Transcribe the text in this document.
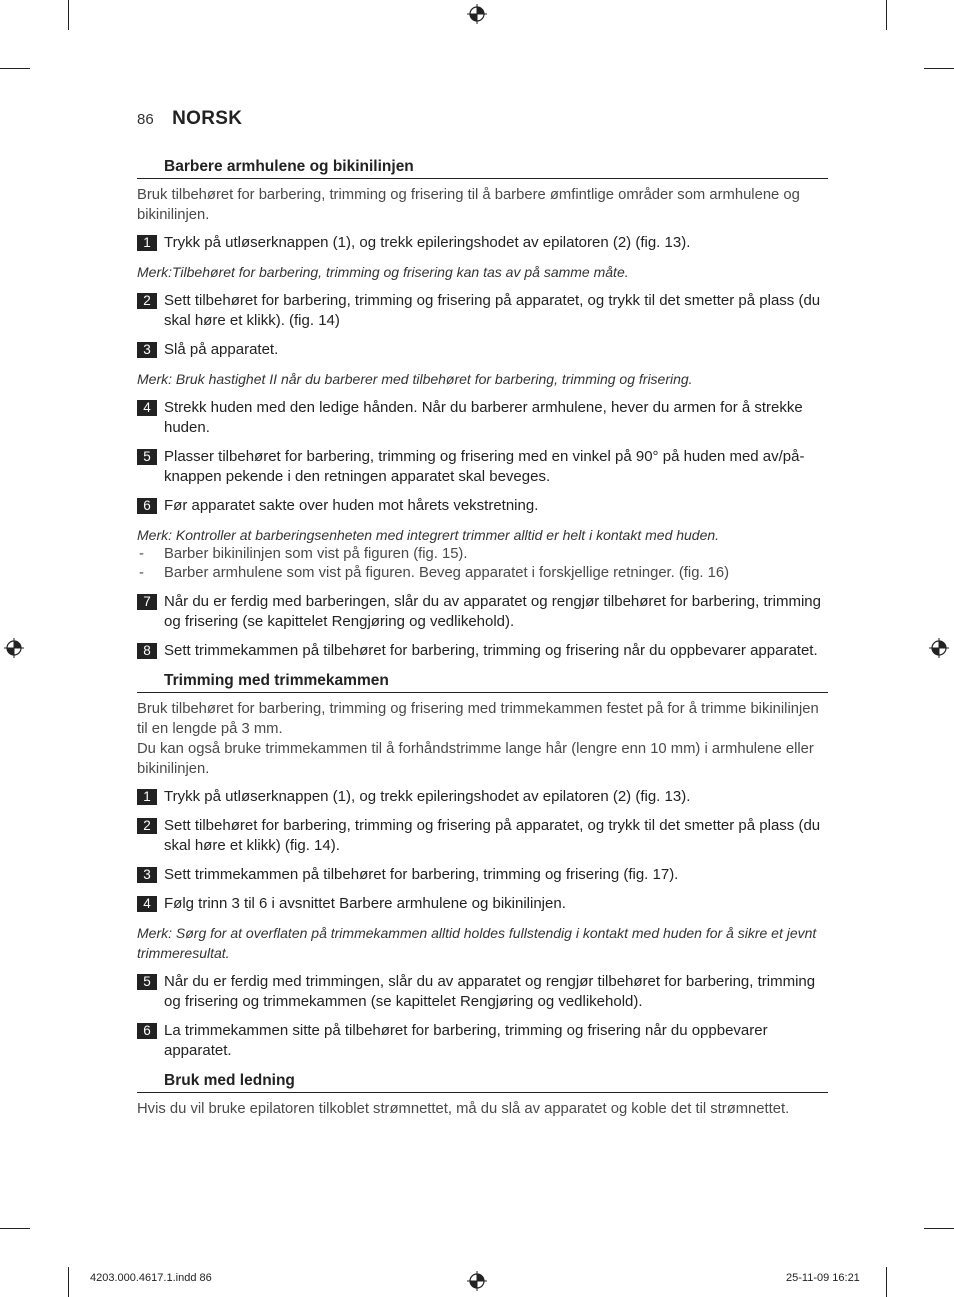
86 NORSK
Barbere armhulene og bikinilinjen
Bruk tilbehøret for barbering, trimming og frisering til å barbere ømfintlige områder som armhulene og bikinilinjen.
1 Trykk på utløserknappen (1), og trekk epileringshodet av epilatoren (2) (fig. 13).
Merk:Tilbehøret for barbering, trimming og frisering kan tas av på samme måte.
2 Sett tilbehøret for barbering, trimming og frisering på apparatet, og trykk til det smetter på plass (du skal høre et klikk). (fig. 14)
3 Slå på apparatet.
Merk: Bruk hastighet II når du barberer med tilbehøret for barbering, trimming og frisering.
4 Strekk huden med den ledige hånden. Når du barberer armhulene, hever du armen for å strekke huden.
5 Plasser tilbehøret for barbering, trimming og frisering med en vinkel på 90° på huden med av/på-knappen pekende i den retningen apparatet skal beveges.
6 Før apparatet sakte over huden mot hårets vekstretning.
Merk: Kontroller at barberingsenheten med integrert trimmer alltid er helt i kontakt med huden.
- Barber bikinilinjen som vist på figuren (fig. 15).
- Barber armhulene som vist på figuren. Beveg apparatet i forskjellige retninger. (fig. 16)
7 Når du er ferdig med barberingen, slår du av apparatet og rengjør tilbehøret for barbering, trimming og frisering (se kapittelet Rengjøring og vedlikehold).
8 Sett trimmekammen på tilbehøret for barbering, trimming og frisering når du oppbevarer apparatet.
Trimming med trimmekammen
Bruk tilbehøret for barbering, trimming og frisering med trimmekammen festet på for å trimme bikinilinjen til en lengde på 3 mm.
Du kan også bruke trimmekammen til å forhåndstrimme lange hår (lengre enn 10 mm) i armhulene eller bikinilinjen.
1 Trykk på utløserknappen (1), og trekk epileringshodet av epilatoren (2) (fig. 13).
2 Sett tilbehøret for barbering, trimming og frisering på apparatet, og trykk til det smetter på plass (du skal høre et klikk) (fig. 14).
3 Sett trimmekammen på tilbehøret for barbering, trimming og frisering (fig. 17).
4 Følg trinn 3 til 6 i avsnittet Barbere armhulene og bikinilinjen.
Merk: Sørg for at overflaten på trimmekammen alltid holdes fullstendig i kontakt med huden for å sikre et jevnt trimmeresultat.
5 Når du er ferdig med trimmingen, slår du av apparatet og rengjør tilbehøret for barbering, trimming og frisering og trimmekammen (se kapittelet Rengjøring og vedlikehold).
6 La trimmekammen sitte på tilbehøret for barbering, trimming og frisering når du oppbevarer apparatet.
Bruk med ledning
Hvis du vil bruke epilatoren tilkoblet strømnettet, må du slå av apparatet og koble det til strømnettet.
4203.000.4617.1.indd 86	25-11-09 16:21
